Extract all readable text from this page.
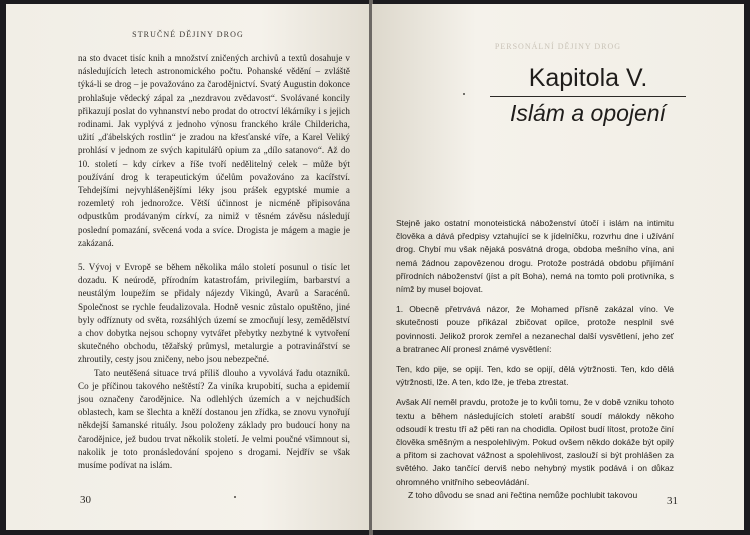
STRUČNÉ DĚJINY DROG

na sto dvacet tisíc knih a množství zničených archivů a textů dosahuje v následujících letech astronomického počtu. Pohanské vědění – zvláště týká-li se drog – je považováno za čarodějnictví. Svatý Augustin dokonce prohlašuje vědecký zápal za „nezdravou zvědavost“. Svolávané koncily přikazují poslat do vyhnanství nebo prodat do otroctví lékárníky i s jejich rodinami. Jak vyplývá z jednoho výnosu franckého krále Childericha, užití „ďábelských rostlin“ je zradou na křesťanské víře, a Karel Veliký prohlásí v jednom ze svých kapitulářů opium za „dílo satanovo“. Až do 10. století – kdy církev a říše tvoří nedělitelný celek – může být používání drog k terapeutickým účelům považováno za kacířství. Tehdejšími nejvyhlášenějšími léky jsou prášek egyptské mumie a rozemletý roh jednorožce. Větší účinnost je nicméně připisována odpustkům prodávaným církví, za nimiž v těsném závěsu následují poslední pomazání, svěcená voda a svíce. Drogista je mágem a magie je zakázaná.

5. Vývoj v Evropě se během několika málo století posunul o tisíc let dozadu. K neúrodě, přírodním katastrofám, privilegiím, barbarství a neustálým loupežím se přidaly nájezdy Vikingů, Avarů a Saracénů. Společnost se rychle feudalizovala. Hodně vesnic zůstalo opuštěno, jiné byly odříznuty od světa, rozsáhlých území se zmocňují lesy, zemědělství a chov dobytka nejsou schopny vytvářet přebytky nezbytné k vytvoření skutečného obchodu, těžařský průmysl, metalurgie a potravinářství se zhroutily, cesty jsou zničeny, nebo jsou nebezpečné.

Tato neutěšená situace trvá příliš dlouho a vyvolává řadu otazníků. Co je příčinou takového neštěstí? Za viníka krupobití, sucha a epidemií jsou označeny čarodějnice. Na odlehlých územích a v nejchudších oblastech, kam se šlechta a kněží dostanou jen zřídka, se znovu vynořují někdejší šamanské rituály. Jsou položeny základy pro budoucí hony na čarodějnice, jež budou trvat několik století. Je velmi poučné všimnout si, nakolik je toto pronásledování spojeno s drogami. Nejdřív se však musíme podívat na islám.

30
PERSONÁLNÍ DĚJINY DROG
Kapitola V.
Islám a opojení

Stejně jako ostatní monoteistická náboženství útočí i islám na intimitu člověka a dává předpisy vztahující se k jídelníčku, rozvrhu dne i užívání drog. Chybí mu však nějaká posvátná droga, obdoba mešního vína, ani nemá žádnou zapovězenou drogu. Protože postrádá obdobu přijímání přírodních náboženství (jíst a pít Boha), nemá na tomto poli protivníka, s nímž by musel bojovat.

1. Obecně přetrvává názor, že Mohamed přísně zakázal víno. Ve skutečnosti pouze přikázal zbičovat opilce, protože nesplnil své povinnosti. Jelikož prorok zemřel a nezanechal další vysvětlení, jeho zeť a bratranec Alí pronesl známé vysvětlení:

Ten, kdo pije, se opijí. Ten, kdo se opijí, dělá výtržnosti. Ten, kdo dělá výtržnosti, lže. A ten, kdo lže, je třeba ztrestat.

Avšak Alí neměl pravdu, protože je to kvůli tomu, že v době vzniku tohoto textu a během následujících století arabští soudí málokdy někoho odsoudí k trestu tří až pěti ran na chodidla. Opilost budí lítost, protože činí člověka směšným a nespolehlivým. Pokud ovšem někdo dokáže být opilý a přitom si zachovat vážnost a spolehlivost, zaslouží si být prohlášen za světého. Jako tančící derviš nebo nehybný mystik podává i on důkaz ohromného vnitřního sebeovládání.

Z toho důvodu se snad ani řečtina nemůže pochlubit takovou

31
